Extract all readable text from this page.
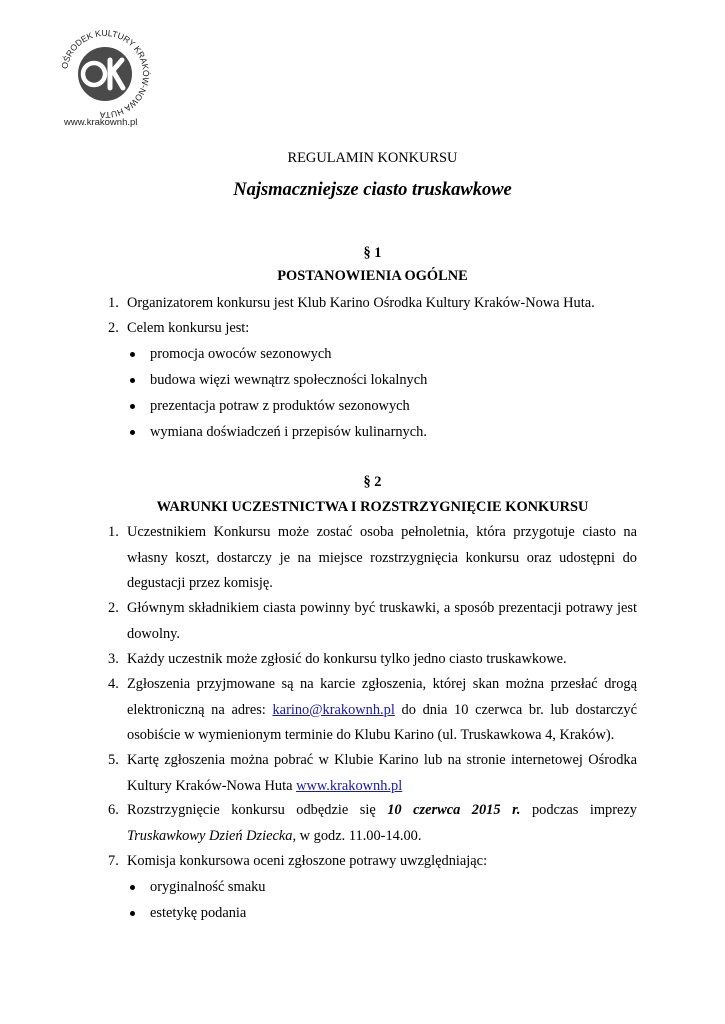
OŚRODEK KULTURY KRAKÓW-NOWA HUTA
www.krakownh.pl
REGULAMIN KONKURSU
Najsmaczniejsze ciasto truskawkowe
§ 1
POSTANOWIENIA OGÓLNE
1. Organizatorem konkursu jest Klub Karino Ośrodka Kultury Kraków-Nowa Huta.
2. Celem konkursu jest:
promocja owoców sezonowych
budowa więzi wewnątrz społeczności lokalnych
prezentacja potraw z produktów sezonowych
wymiana doświadczeń i przepisów kulinarnych.
§ 2
WARUNKI UCZESTNICTWA I ROZSTRZYGNIĘCIE KONKURSU
1. Uczestnikiem Konkursu może zostać osoba pełnoletnia, która przygotuje ciasto na własny koszt, dostarczy je na miejsce rozstrzygnięcia konkursu oraz udostępni do degustacji przez komisję.
2. Głównym składnikiem ciasta powinny być truskawki, a sposób prezentacji potrawy jest dowolny.
3. Każdy uczestnik może zgłosić do konkursu tylko jedno ciasto truskawkowe.
4. Zgłoszenia przyjmowane są na karcie zgłoszenia, której skan można przesłać drogą elektroniczną na adres: karino@krakownh.pl do dnia 10 czerwca br. lub dostarczyć osobiście w wymienionym terminie do Klubu Karino (ul. Truskawkowa 4, Kraków).
5. Kartę zgłoszenia można pobrać w Klubie Karino lub na stronie internetowej Ośrodka Kultury Kraków-Nowa Huta www.krakownh.pl
6. Rozstrzygnięcie konkursu odbędzie się 10 czerwca 2015 r. podczas imprezy Truskawkowy Dzień Dziecka, w godz. 11.00-14.00.
7. Komisja konkursowa oceni zgłoszone potrawy uwzględniając:
oryginalność smaku
estetykę podania
